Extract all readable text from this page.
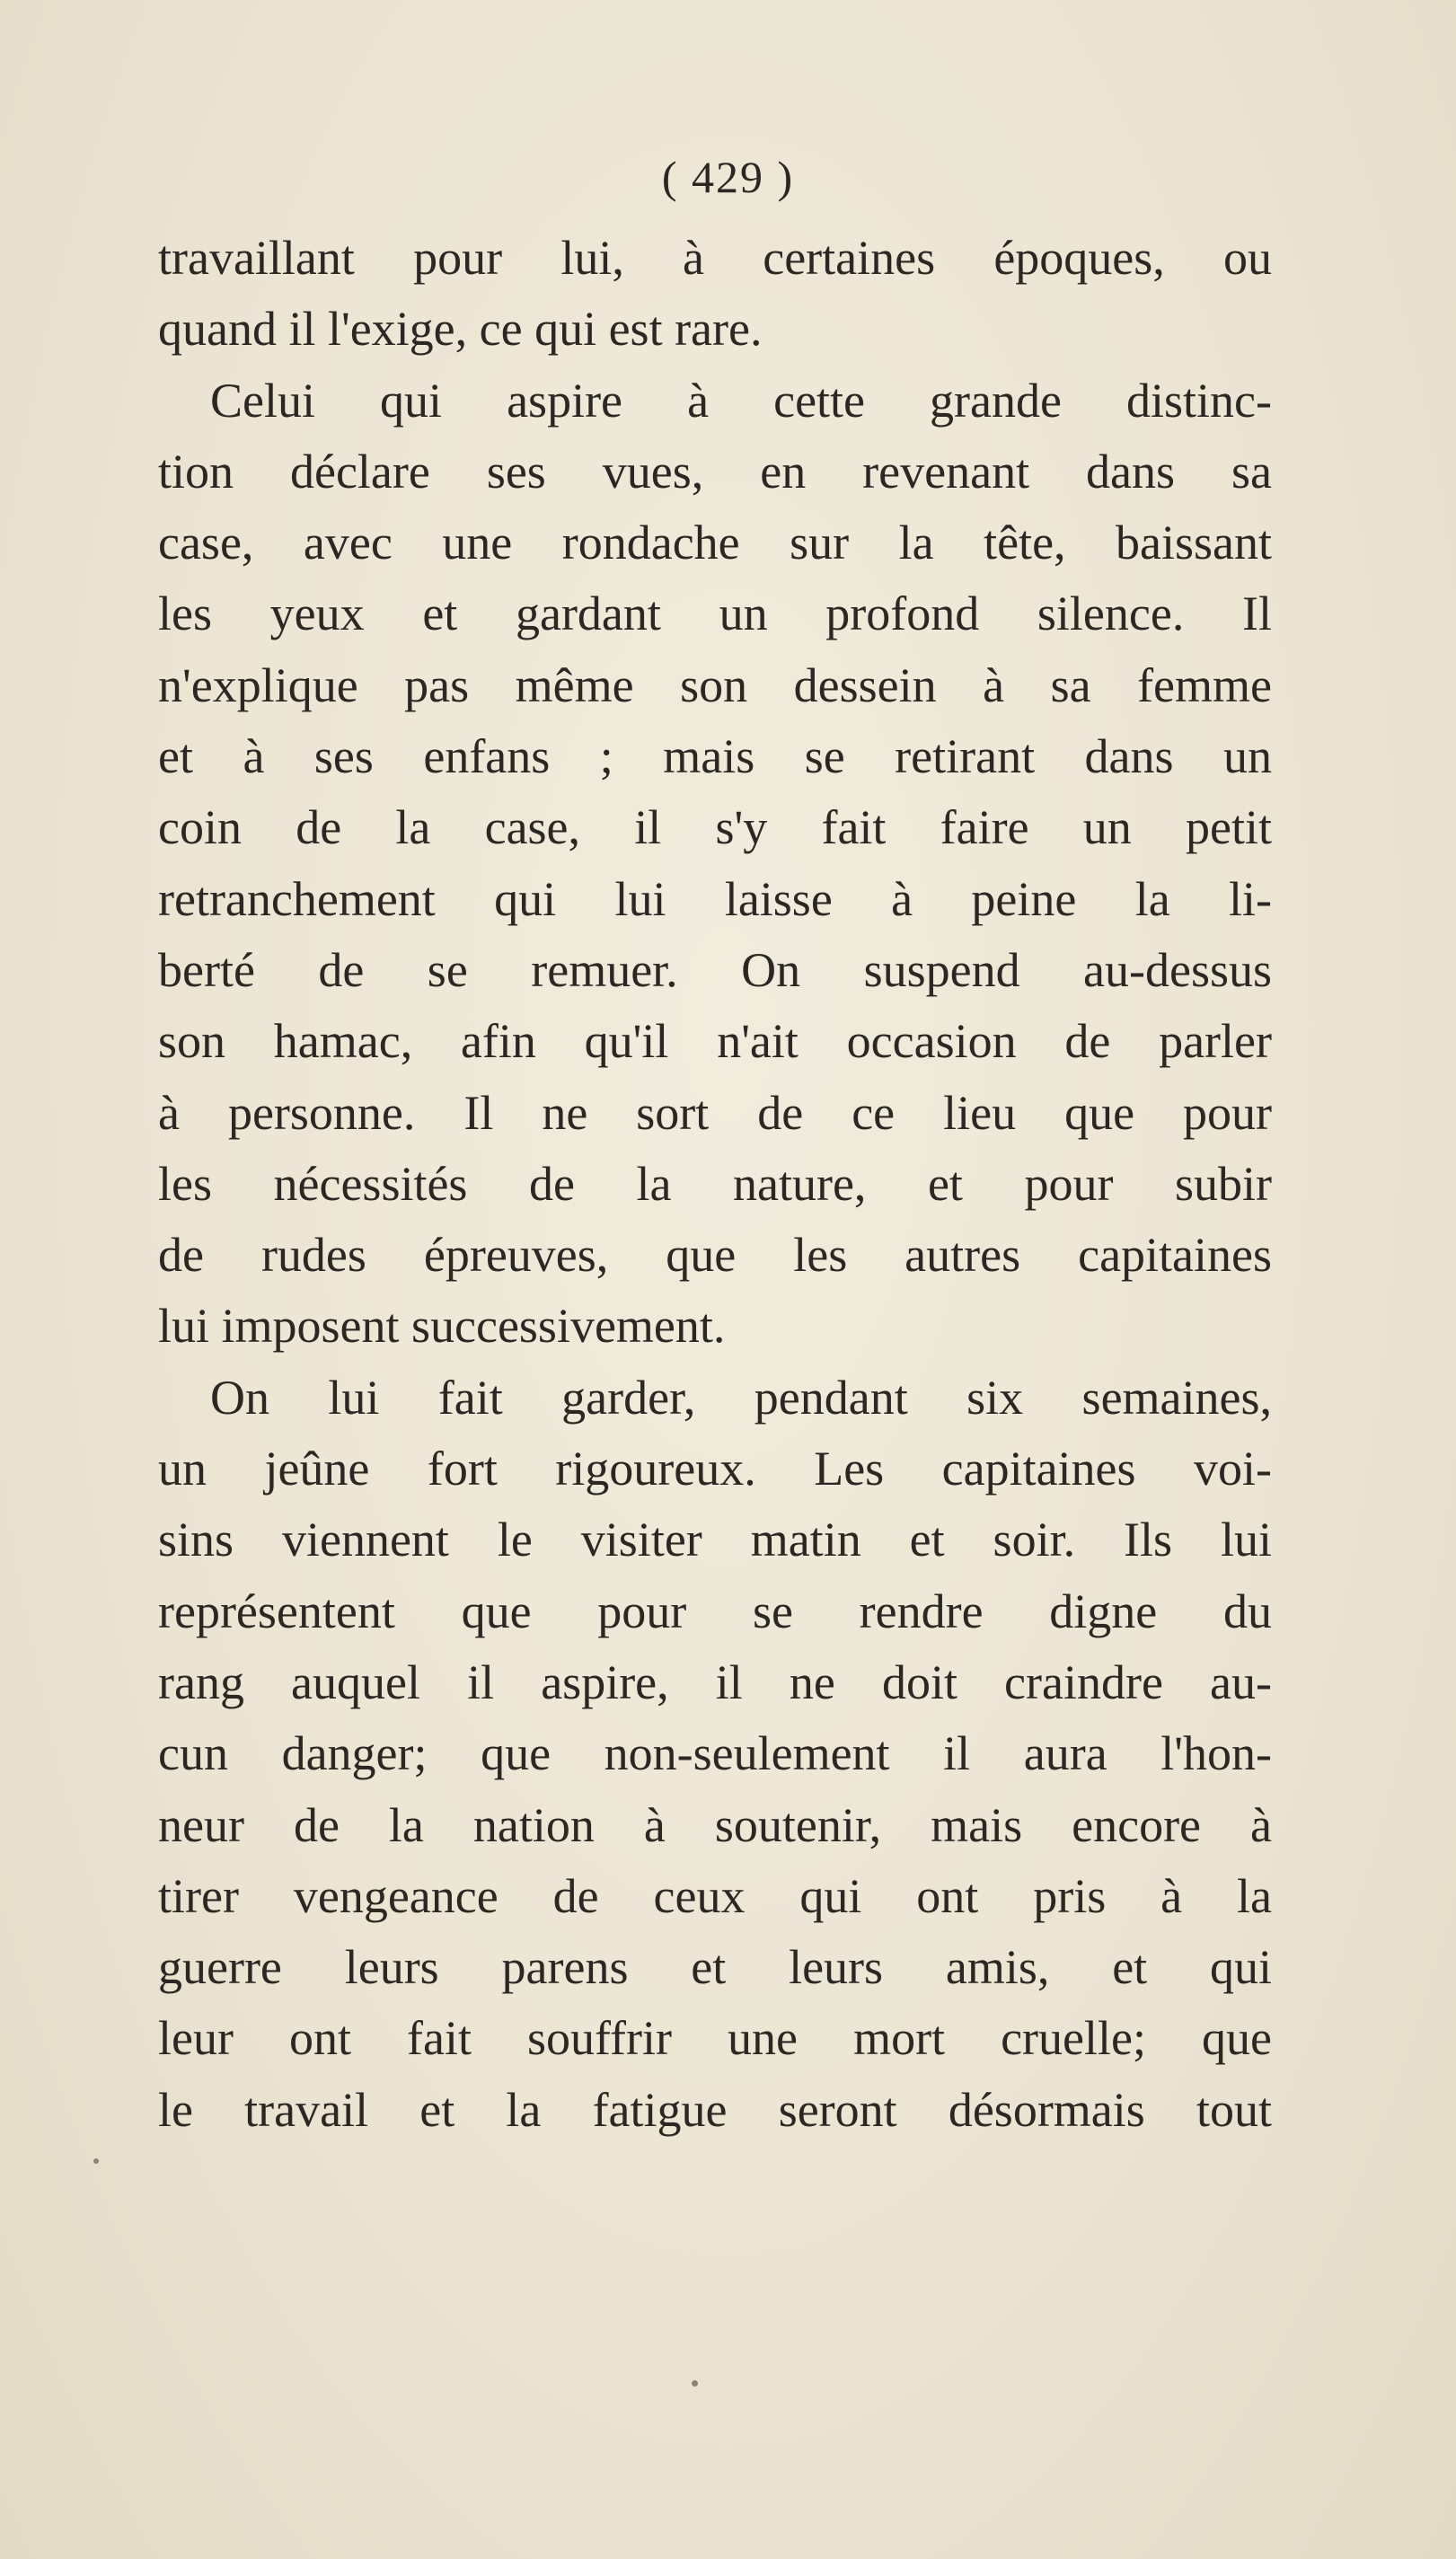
( 429 )
travaillant pour lui, à certaines époques, ou
quand il l'exige, ce qui est rare.
Celui qui aspire à cette grande distinc-
tion déclare ses vues, en revenant dans sa
case, avec une rondache sur la tête, baissant
les yeux et gardant un profond silence. Il
n'explique pas même son dessein à sa femme
et à ses enfans ; mais se retirant dans un
coin de la case, il s'y fait faire un petit
retranchement qui lui laisse à peine la li-
berté de se remuer. On suspend au-dessus
son hamac, afin qu'il n'ait occasion de parler
à personne. Il ne sort de ce lieu que pour
les nécessités de la nature, et pour subir
de rudes épreuves, que les autres capitaines
lui imposent successivement.
On lui fait garder, pendant six semaines,
un jeûne fort rigoureux. Les capitaines voi-
sins viennent le visiter matin et soir. Ils lui
représentent que pour se rendre digne du
rang auquel il aspire, il ne doit craindre au-
cun danger; que non-seulement il aura l'hon-
neur de la nation à soutenir, mais encore à
tirer vengeance de ceux qui ont pris à la
guerre leurs parens et leurs amis, et qui
leur ont fait souffrir une mort cruelle; que
le travail et la fatigue seront désormais tout
